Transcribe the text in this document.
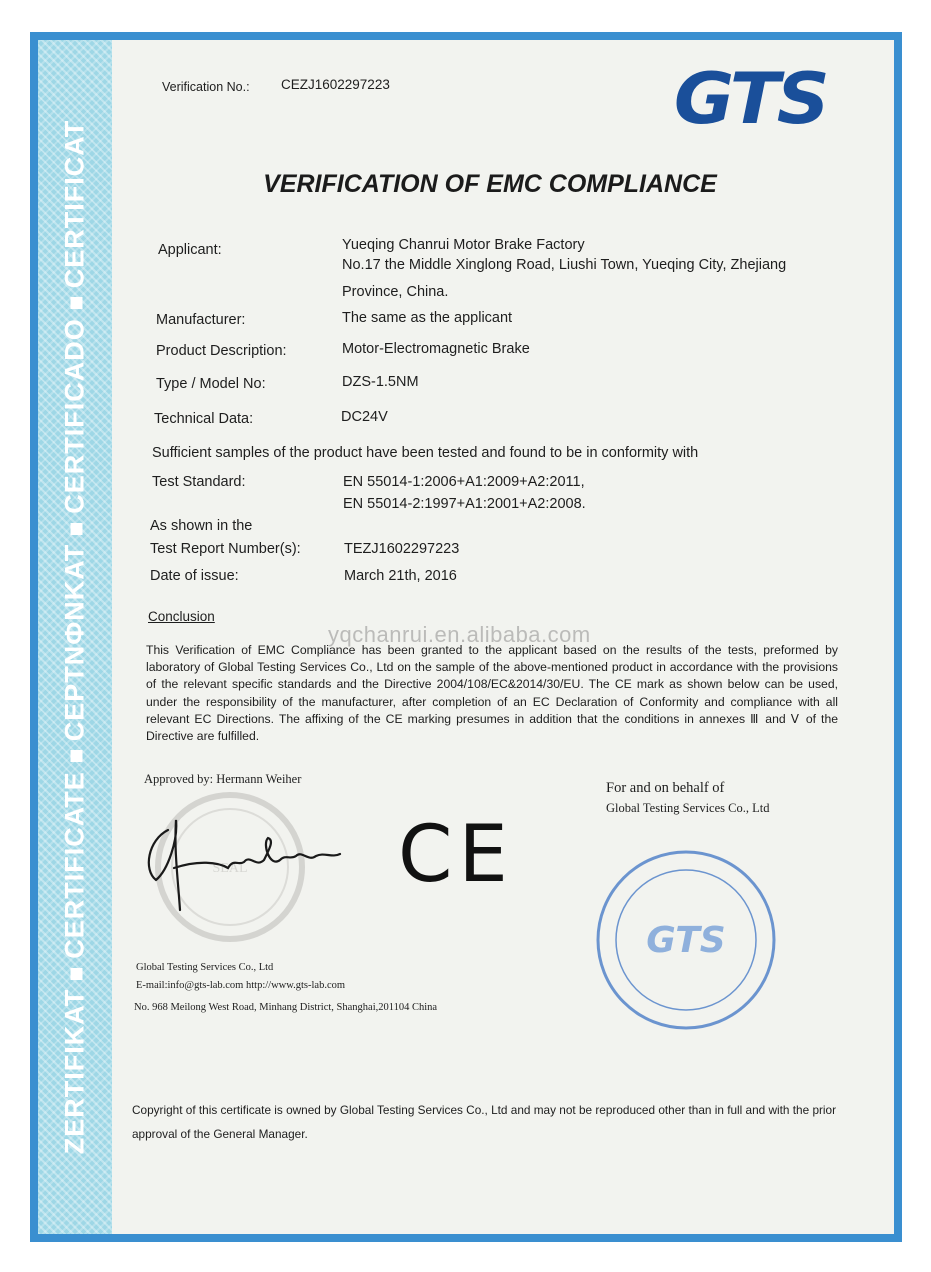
ZERTIFIKATCERTIFICATECEPTNФNKATCERTIFICADOCERTIFICAT
Verification No.: CEZJ1602297223	GTS
VERIFICATION OF EMC COMPLIANCE
Applicant:	Yueqing Chanrui Motor Brake Factory
No.17 the Middle Xinglong Road, Liushi Town, Yueqing City, Zhejiang
Province, China.
Manufacturer:	The same as the applicant
Product Description:	Motor-Electromagnetic Brake
Type / Model No:	DZS-1.5NM
Technical Data:	DC24V
Sufficient samples of the product have been tested and found to be in conformity with
Test Standard:	EN 55014-1:2006+A1:2009+A2:2011,
EN 55014-2:1997+A1:2001+A2:2008.
As shown in the
Test Report Number(s):	TEZJ1602297223
Date of issue:	March 21th, 2016
Conclusion
This Verification of EMC Compliance has been granted to the applicant based on the results of the tests, preformed by laboratory of Global Testing Services Co., Ltd on the sample of the above-mentioned product in accordance with the provisions of the relevant specific standards and the Directive 2004/108/EC&2014/30/EU. The CE mark as shown below can be used, under the responsibility of the manufacturer, after completion of an EC Declaration of Conformity and compliance with all relevant EC Directions. The affixing of the CE marking presumes in addition that the conditions in annexes Ⅲ and Ⅴ of the Directive are fulfilled.
yqchanrui.en.alibaba.com
Approved by: Hermann Weiher
For and on behalf of
Global Testing Services Co., Ltd
SEAL CE
GTS
Global Testing Services Co., Ltd
E-mail:info@gts-lab.com http://www.gts-lab.com
No. 968 Meilong West Road, Minhang District, Shanghai,201104 China
Copyright of this certificate is owned by Global Testing Services Co., Ltd and may not be reproduced other than in full and with the prior approval of the General Manager.
